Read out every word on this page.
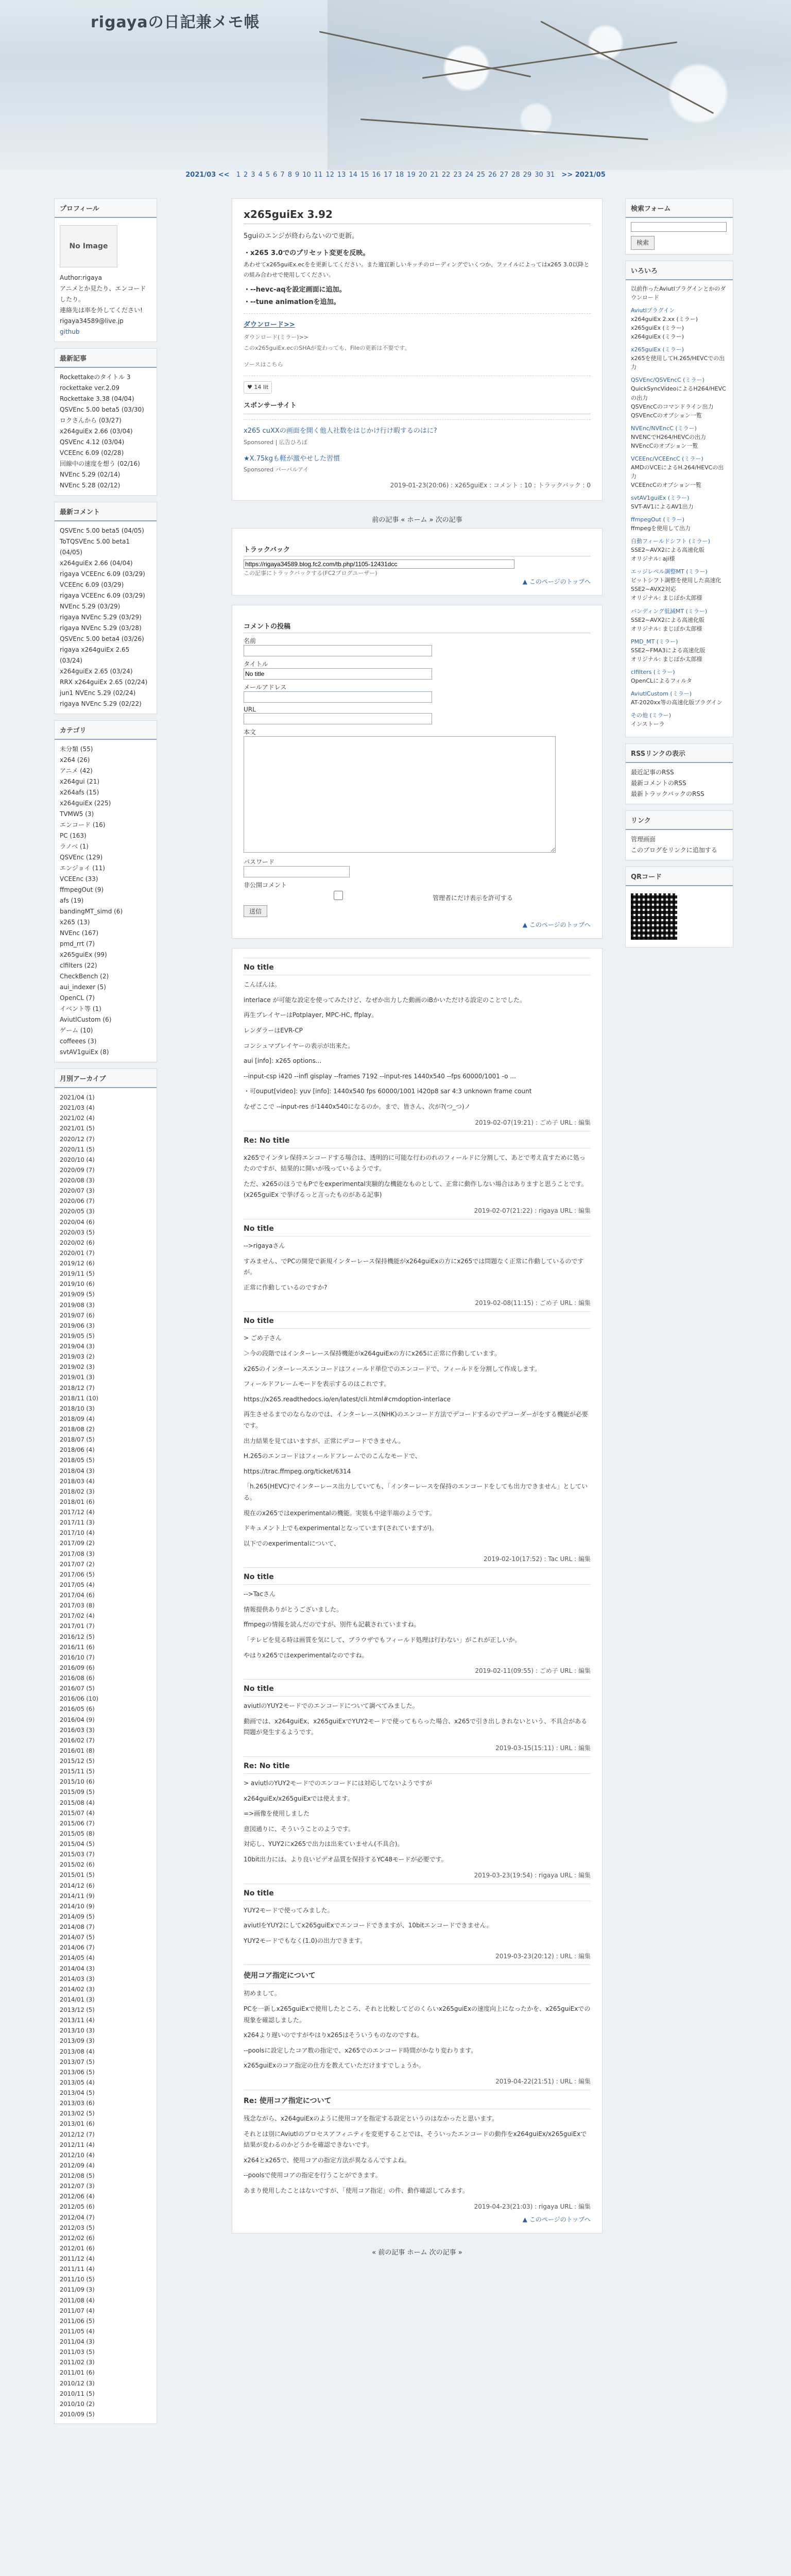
rigayaの日記兼メモ帳
2021/03 << 1 2 3 4 5 6 7 8 9 10 11 12 13 14 15 16 17 18 19 20 21 22 23 24 25 26 27 28 29 30 31 >> 2021/05
プロフィール
No Image
Author:rigaya
アニメとか見たり、エンコードしたり。
連絡先は率を外してください!
rigaya34589@live.jp
github
最新記事
Rockettakeのタイトル 3
rockettake ver.2.09
Rockettake 3.38 (04/04)
QSVEnc 5.00 beta5 (03/30)
ロクさんから (03/27)
x264guiEx 2.66 (03/04)
QSVEnc 4.12 (03/04)
VCEEnc 6.09 (02/28)
回線中の速度を想う (02/16)
NVEnc 5.29 (02/14)
NVEnc 5.28 (02/12)
最新コメント
QSVEnc 5.00 beta5 (04/05)
ToTQSVEnc 5.00 beta1 (04/05)
x264guiEx 2.66 (04/04)
rigaya VCEEnc 6.09 (03/29)
VCEEnc 6.09 (03/29)
rigaya VCEEnc 6.09 (03/29)
NVEnc 5.29 (03/29)
rigaya NVEnc 5.29 (03/29)
rigaya NVEnc 5.29 (03/28)
QSVEnc 5.00 beta4 (03/26)
rigaya x264guiEx 2.65 (03/24)
x264guiEx 2.65 (03/24)
RRX x264guiEx 2.65 (02/24)
jun1 NVEnc 5.29 (02/24)
rigaya NVEnc 5.29 (02/22)
カテゴリ
未分類 (55)
x264 (26)
アニメ (42)
x264gui (21)
x264afs (15)
x264guiEx (225)
TVMW5 (3)
エンコード (16)
PC (163)
ラノベ (1)
QSVEnc (129)
エンジョイ (11)
VCEEnc (33)
ffmpegOut (9)
afs (19)
bandingMT_simd (6)
x265 (13)
NVEnc (167)
pmd_rrt (7)
x265guiEx (99)
clfilters (22)
CheckBench (2)
aui_indexer (5)
OpenCL (7)
イベント等 (1)
AviutlCustom (6)
ゲーム (10)
coffeees (3)
svtAV1guiEx (8)
月別アーカイブ
2021/04 (1)
2021/03 (4)
2021/02 (4)
2021/01 (5)
2020/12 (7)
2020/11 (5)
2020/10 (4)
2020/09 (7)
2020/08 (3)
2020/07 (3)
2020/06 (7)
2020/05 (3)
2020/04 (6)
2020/03 (5)
2020/02 (6)
2020/01 (7)
2019/12 (6)
2019/11 (5)
2019/10 (6)
2019/09 (5)
2019/08 (3)
2019/07 (6)
2019/06 (3)
2019/05 (5)
2019/04 (3)
2019/03 (2)
2019/02 (3)
2019/01 (3)
2018/12 (7)
2018/11 (10)
2018/10 (3)
2018/09 (4)
2018/08 (2)
2018/07 (5)
2018/06 (4)
2018/05 (5)
2018/04 (3)
2018/03 (4)
2018/02 (3)
2018/01 (6)
2017/12 (4)
2017/11 (3)
2017/10 (4)
2017/09 (2)
2017/08 (3)
2017/07 (2)
2017/06 (5)
2017/05 (4)
2017/04 (6)
2017/03 (8)
2017/02 (4)
2017/01 (7)
2016/12 (5)
2016/11 (6)
2016/10 (7)
2016/09 (6)
2016/08 (6)
2016/07 (5)
2016/06 (10)
2016/05 (6)
2016/04 (9)
2016/03 (3)
2016/02 (7)
2016/01 (8)
2015/12 (5)
2015/11 (5)
2015/10 (6)
2015/09 (5)
2015/08 (4)
2015/07 (4)
2015/06 (7)
2015/05 (8)
2015/04 (5)
2015/03 (7)
2015/02 (6)
2015/01 (5)
2014/12 (6)
2014/11 (9)
2014/10 (9)
2014/09 (5)
2014/08 (7)
2014/07 (5)
2014/06 (7)
2014/05 (4)
2014/04 (3)
2014/03 (3)
2014/02 (3)
2014/01 (3)
2013/12 (5)
2013/11 (4)
2013/10 (3)
2013/09 (3)
2013/08 (4)
2013/07 (5)
2013/06 (5)
2013/05 (4)
2013/04 (5)
2013/03 (6)
2013/02 (5)
2013/01 (6)
2012/12 (7)
2012/11 (4)
2012/10 (4)
2012/09 (4)
2012/08 (5)
2012/07 (3)
2012/06 (4)
2012/05 (6)
2012/04 (7)
2012/03 (5)
2012/02 (6)
2012/01 (6)
2011/12 (4)
2011/11 (4)
2011/10 (5)
2011/09 (3)
2011/08 (4)
2011/07 (4)
2011/06 (5)
2011/05 (4)
2011/04 (3)
2011/03 (5)
2011/02 (3)
2011/01 (6)
2010/12 (3)
2010/11 (5)
2010/10 (2)
2010/09 (5)
x265guiEx 3.92
5guiのエンジが終わらないので更新。
・x265 3.0でのプリセット変更を反映。
あわせてx265guiEx.ecをを更新してください。また適宜新しいキッチのローディングでいくつか、ファイルによってはx265 3.0以降との組み合わせで使用してください。
・--hevc-aqを設定画面に追加。
・--tune animationを追加。
ダウンロード>>
ダウンロード(ミラー)>>
このx265guiEx.ecのSHAが変わっても、Fileの更新は不要です。
ソースはこちら
♥ 14 lit
スポンサーサイト
x265 cuXXの画面を開く他人社数をはじかけ行け暇するのはに?
Sponsored | 広告ひろぼ
★X.75kgも軽が激やせした習慣
Sponsored パーパルアイ
2019-01-23(20:06) : x265guiEx : コメント : 10 : トラックバック : 0
前の記事 « ホーム » 次の記事
トラックバック
https://rigaya34589.blog.fc2.com/tb.php/1105-12431dcc
この記事にトラックバックする(FC2ブログユーザー)
▲ このページのトップへ
コメントの投稿
名前
タイトル
No title
メールアドレス
URL
本文
パスワード
非公開コメント
管理者にだけ表示を許可する
送信
▲ このページのトップへ
No title

こんばんは。

interlace が可能な設定を使ってみたけど、なぜか出力した動画のiBかいただける設定のことでした。

再生プレイヤーはPotplayer, MPC-HC, ffplay。

レンダラーはEVR-CP

コンシュマブレイヤーの表示が出来た。

aui [info]: x265 options...

--input-csp i420 --infl gisplay --frames 7192 --input-res 1440x540 --fps 60000/1001 -o ...

・可ouput[video]: yuv [info]: 1440x540 fps 60000/1001 i420p8 sar 4:3 unknown frame count

なぜここで --input-res が1440x540になるのか。まで、皆さん、次が?(つ_つ)ノ

2019-02-07(19:21) : ごめ子 URL : 編集
Re: No title

x265でインタレ保持エンコードする場合は、透明的に可能な行わのれのフィールドに分割して、あとで考え直すために処ったのですが、結果的に開いが残っているようです。

ただ、x265のほうでもPでをexperimental実験的な機能なものとして、正常に動作しない場合はありますと思うことです。(x265guiEx で挙げるっと言ったものがある記事)

2019-02-07(21:22) : rigaya URL : 編集
No title

-->rigayaさん

すみません、でPCの開発で新規インターレース保持機能がx264guiExの方にx265では問題なく正常に作動しているのですが。

正常に作動しているのですか?

2019-02-08(11:15) : ごめ子 URL : 編集
No title

> ごめ子さん

＞今の段階ではインターレース保持機能がx264guiExの方にx265に正常に作動しています。

x265のインターレースエンコードはフィールド単位でのエンコードで、フィールドを分割して作成します。

フィールドフレームモードを表示するのはこれです。

https://x265.readthedocs.io/en/latest/cli.html#cmdoption-interlace

再生させるまでのならなのでは、インターレース(NHK)のエンコード方法でデコードするのでデコーダーがをする機能が必要です。

出力結果を見てはいますが、正常にデコードできません。

H.265のエンコードはフィールドフレームでのこんなモードで、

https://trac.ffmpeg.org/ticket/6314

「h.265(HEVC)でインターレース出力していても、「インターレースを保持のエンコードをしても出力できません」としている。

現在のx265ではexperimentalの機能。実装も中途半端のようです。

ドキュメント上でもexperimentalとなっています(されていますが)。

以下でのexperimentalについて、

2019-02-10(17:52) : Tac URL : 編集
No title

-->Tacさん

情報提供ありがとうございました。

ffmpegの情報を読んだのですが、別件も記載されていますね。

「テレビを見る時は画質を気にして、ブラウザでもフィールド処理は行わない」がこれが正しいか。

やはりx265ではexperimentalなのですね。

2019-02-11(09:55) : ごめ子 URL : 編集
No title

aviutlのYUY2モードでのエンコードについて調べてみました。

動画では、x264guiEx、x265guiExでYUY2モードで使ってもらった場合、x265で引き出しきれないという、不具合がある問題が発生するようです。

2019-03-15(15:11) : URL : 編集
Re: No title

> aviutlのYUY2モードでのエンコードには対応してないようですが

x264guiEx/x265guiExでは使えます。

=>画像を使用しました

意図通りに、そういうことのようです。

対応し、YUY2にx265で出力は出来ていません(不具合)。

10bit出力には、より良いビデオ品質を保持するYC48モードが必要です。

2019-03-23(19:54) : rigaya URL : 編集
No title

YUY2モードで使ってみました。

aviutlをYUY2にしてx265guiExでエンコードできますが、10bitエンコードできません。

YUY2モードでもなく(1.0)の出力できます。

2019-03-23(20:12) : URL : 編集
使用コア指定について

初めまして。

PCを一新しx265guiExで使用したところ、それと比較してどのくらいx265guiExの速度向上になったかを、x265guiExでの現象を確認しました。

x264より遅いのですがやはりx265はそういうものなのですね。

--poolsに設定したコア数の指定で、x265でのエンコード時間がかなり変わります。

x265guiExのコア指定の仕方を教えていただけますでしょうか。

2019-04-22(21:51) : URL : 編集
Re: 使用コア指定について

残念ながら、x264guiExのように使用コアを指定する設定というのはなかったと思います。

それとは別にAviutlのプロセスアフィニティを変更することでは、そういったエンコードの動作をx264guiEx/x265guiExで結果が変わるのかどうかを確認できないです。

x264とx265で、使用コアの指定方法が異なるんですよね。

--poolsで使用コアの指定を行うことができます。

あまり使用したことはないですが、「使用コア指定」の件、動作確認してみます。

2019-04-23(21:03) : rigaya URL : 編集
▲ このページのトップへ
« 前の記事 ホーム 次の記事 »
検索フォーム

検索
いろいろ
以前作ったAviutlプラグインとかのダウンロード
Aviutlプラグイン
x264guiEx 2.xx (ミラー)
x265guiEx (ミラー)
x264guiEx (ミラー)
x265guiEx (ミラー)
x265を使用してH.265/HEVCでの出力
QSVEnc/QSVEncC (ミラー)
QuickSyncVideoによるH264/HEVCの出力
QSVEncCのコマンドライン出力
QSVEncCのオプション一覧
NVEnc/NVEncC (ミラー)
NVENCでH264/HEVCの出力
NVEncCのオプション一覧
VCEEnc/VCEEncC (ミラー)
AMDのVCEによるH.264/HEVCの出力
VCEEncCのオプション一覧
svtAV1guiEx (ミラー)
SVT-AV1によるAV1出力
ffmpegOut (ミラー)
ffmpegを使用して出力
自動フィールドシフト (ミラー)
SSE2~AVX2による高速化版
オリジナル: aji様
エッジレベル調整MT (ミラー)
ビットシフト調整を使用した高速化
SSE2~AVX2対応
オリジナル: まじぽか太郎様
バンディング低減MT (ミラー)
SSE2~AVX2による高速化版
オリジナル: まじぽか太郎様
PMD_MT (ミラー)
SSE2~FMA3による高速化版
オリジナル: まじぽか太郎様
clfilters (ミラー)
OpenCLによるフィルタ
AviutlCustom (ミラー)
AT-2020xx等の高速化版プラグイン
その他 (ミラー)
インストーラ
RSSリンクの表示
最近記事のRSS
最新コメントのRSS
最新トラックバックのRSS
リンク
管理画面
このブログをリンクに追加する
QRコード
